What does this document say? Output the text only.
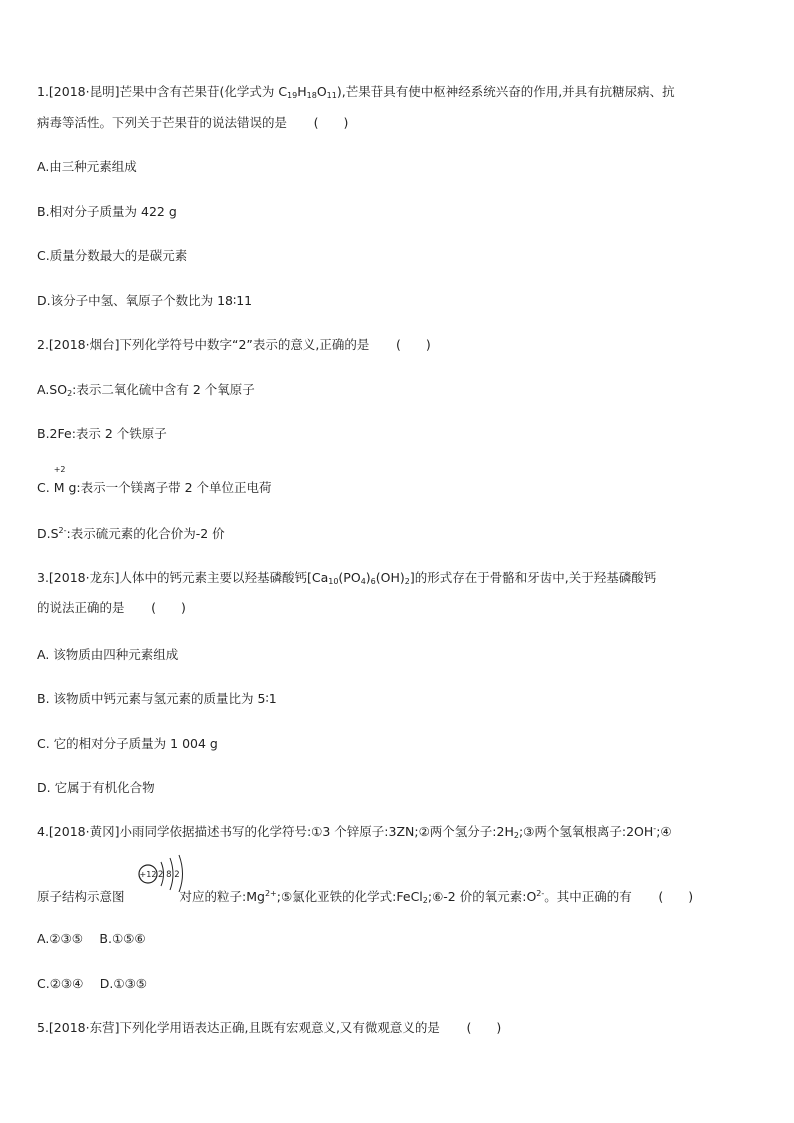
1.[2018·昆明]芒果中含有芒果苷(化学式为 $C_{19}H_{18}O_{11}$),芒果苷具有使中枢神经系统兴奋的作用,并具有抗糖尿病、抗
病毒等活性。下列关于芒果苷的说法错误的是 (　　)
A.由三种元素组成
B.相对分子质量为 422 g
C.质量分数最大的是碳元素
D.该分子中氢、氧原子个数比为 18∶11
2.[2018·烟台]下列化学符号中数字“2”表示的意义,正确的是 (　　)
$A.SO_2$:表示二氧化硫中含有 2 个氧原子
B.2Fe:表示 2 个铁原子
C.
+2
M g:表示一个镁离子带 2 个单位正电荷
$D.S^{2-}$:表示硫元素的化合价为-2 价
3.[2018·龙东]人体中的钙元素主要以羟基磷酸钙$[Ca_{10}(PO_4)_6(OH)_2]$的形式存在于骨骼和牙齿中,关于羟基磷酸钙
的说法正确的是 (　　)
A. 该物质由四种元素组成
B. 该物质中钙元素与氢元素的质量比为 5∶1
C. 它的相对分子质量为 1 004 g
D. 它属于有机化合物
4.[2018·黄冈]小雨同学依据描述书写的化学符号:①3 个锌原子:3ZN;②两个氢分子$:2H_2;③$两个氢氧根离子:2OH-;④
+12 2 8 2
原子结构示意图	对应的粒子$:Mg^{2+};⑤$氯化亚铁的化学式:FeCl$_2$;⑥-2 价的氧元素$:O^{2-}$。其中正确的有 (　　)
A.②③⑤　 B.①⑤⑥
C.②③④　 D.①③⑤
5.[2018·东营]下列化学用语表达正确,且既有宏观意义,又有微观意义的是 (　　)
